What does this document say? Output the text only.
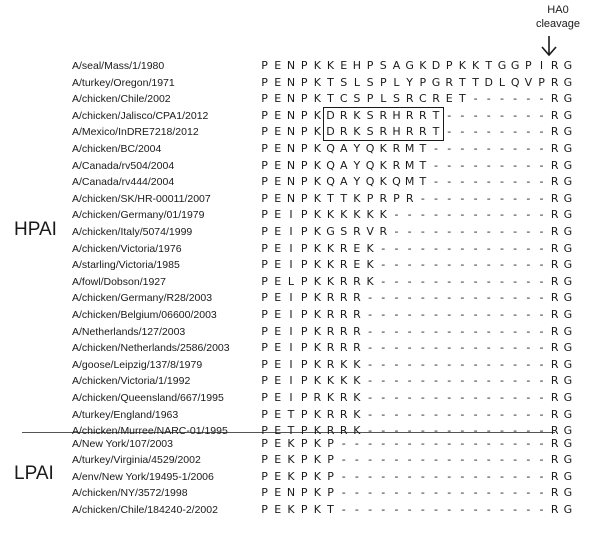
HA0
cleavage
HPAI
LPAI
A/seal/Mass/1/1980	P E N P K K E H P S A G K D P K K T G G P I R G
A/turkey/Oregon/1971	P E N P K T S L S P L Y P G R T T D L Q V P R G
A/chicken/Chile/2002	P E N P K T C S P L S R C R E T - - - - - - R G
A/chicken/Jalisco/CPA1/2012	P E N P K D R K S R H R R T - - - - - - - - R G
A/Mexico/InDRE7218/2012	P E N P K D R K S R H R R T - - - - - - - - R G
A/chicken/BC/2004	P E N P K Q A Y Q K R M T - - - - - - - - - R G
A/Canada/rv504/2004	P E N P K Q A Y Q K R M T - - - - - - - - - R G
A/Canada/rv444/2004	P E N P K Q A Y Q K Q M T - - - - - - - - - R G
A/chicken/SK/HR-00011/2007	P E N P K T T K P R P R - - - - - - - - - - R G
A/chicken/Germany/01/1979	P E I P K K K K K K - - - - - - - - - - - - R G
A/chicken/Italy/5074/1999	P E I P K G S R V R - - - - - - - - - - - - R G
A/chicken/Victoria/1976	P E I P K K R E K - - - - - - - - - - - - - R G
A/starling/Victoria/1985	P E I P K K R E K - - - - - - - - - - - - - R G
A/fowl/Dobson/1927	P E L P K K R R K - - - - - - - - - - - - - R G
A/chicken/Germany/R28/2003	P E I P K R R R - - - - - - - - - - - - - - R G
A/chicken/Belgium/06600/2003	P E I P K R R R - - - - - - - - - - - - - - R G
A/Netherlands/127/2003	P E I P K R R R - - - - - - - - - - - - - - R G
A/chicken/Netherlands/2586/2003	P E I P K R R R - - - - - - - - - - - - - - R G
A/goose/Leipzig/137/8/1979	P E I P K R K K - - - - - - - - - - - - - - R G
A/chicken/Victoria/1/1992	P E I P K K K K - - - - - - - - - - - - - - R G
A/chicken/Queensland/667/1995	P E I P R K R K - - - - - - - - - - - - - - R G
A/turkey/England/1963	P E T P K R R K - - - - - - - - - - - - - - R G
A/chicken/Murree/NARC-01/1995	P E T P K R R K - - - - - - - - - - - - - - R G
A/New York/107/2003	P E K P K P - - - - - - - - - - - - - - - - R G
A/turkey/Virginia/4529/2002	P E K P K P - - - - - - - - - - - - - - - - R G
A/env/New York/19495-1/2006	P E K P K P - - - - - - - - - - - - - - - - R G
A/chicken/NY/3572/1998	P E N P K P - - - - - - - - - - - - - - - - R G
A/chicken/Chile/184240-2/2002	P E K P K T - - - - - - - - - - - - - - - - R G
